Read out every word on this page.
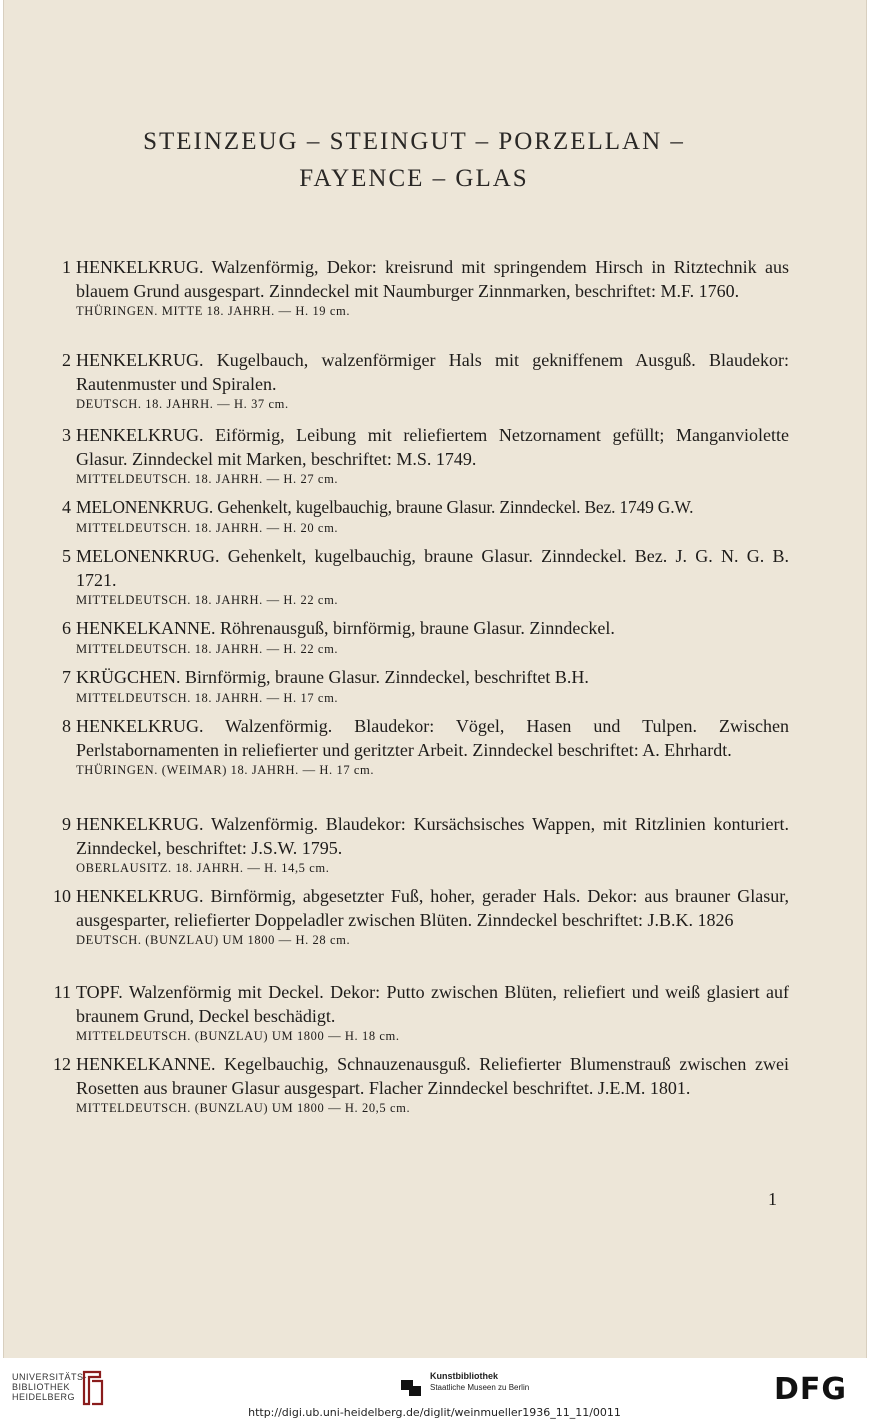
STEINZEUG – STEINGUT – PORZELLAN –
FAYENCE – GLAS
1 HENKELKRUG. Walzenförmig, Dekor: kreisrund mit springendem Hirsch in Ritztechnik aus blauem Grund ausgespart. Zinndeckel mit Naumburger Zinnmarken, beschriftet: M.F. 1760.
THÜRINGEN. MITTE 18. JAHRH. — H. 19 cm.
2 HENKELKRUG. Kugelbauch, walzenförmiger Hals mit gekniffenem Ausguß. Blaudekor: Rautenmuster und Spiralen.
DEUTSCH. 18. JAHRH. — H. 37 cm.
3 HENKELKRUG. Eiförmig, Leibung mit reliefiertem Netzornament gefüllt; Manganviolette Glasur. Zinndeckel mit Marken, beschriftet: M.S. 1749.
MITTELDEUTSCH. 18. JAHRH. — H. 27 cm.
4 MELONENKRUG. Gehenkelt, kugelbauchig, braune Glasur. Zinndeckel. Bez. 1749 G.W.
MITTELDEUTSCH. 18. JAHRH. — H. 20 cm.
5 MELONENKRUG. Gehenkelt, kugelbauchig, braune Glasur. Zinndeckel. Bez. J. G. N. G. B. 1721.
MITTELDEUTSCH. 18. JAHRH. — H. 22 cm.
6 HENKELKANNE. Röhrenausguß, birnförmig, braune Glasur. Zinndeckel.
MITTELDEUTSCH. 18. JAHRH. — H. 22 cm.
7 KRÜGCHEN. Birnförmig, braune Glasur. Zinndeckel, beschriftet B.H.
MITTELDEUTSCH. 18. JAHRH. — H. 17 cm.
8 HENKELKRUG. Walzenförmig. Blaudekor: Vögel, Hasen und Tulpen. Zwischen Perlstabornamenten in reliefierter und geritzter Arbeit. Zinndeckel beschriftet: A. Ehrhardt.
THÜRINGEN. (WEIMAR) 18. JAHRH. — H. 17 cm.
9 HENKELKRUG. Walzenförmig. Blaudekor: Kursächsisches Wappen, mit Ritzlinien konturiert. Zinndeckel, beschriftet: J.S.W. 1795.
OBERLAUSITZ. 18. JAHRH. — H. 14,5 cm.
10 HENKELKRUG. Birnförmig, abgesetzter Fuß, hoher, gerader Hals. Dekor: aus brauner Glasur, ausgesparter, reliefierter Doppeladler zwischen Blüten. Zinndeckel beschriftet: J.B.K. 1826
DEUTSCH. (BUNZLAU) UM 1800 — H. 28 cm.
11 TOPF. Walzenförmig mit Deckel. Dekor: Putto zwischen Blüten, reliefiert und weiß glasiert auf braunem Grund, Deckel beschädigt.
MITTELDEUTSCH. (BUNZLAU) UM 1800 — H. 18 cm.
12 HENKELKANNE. Kegelbauchig, Schnauzenausguß. Reliefierter Blumenstrauß zwischen zwei Rosetten aus brauner Glasur ausgespart. Flacher Zinndeckel beschriftet. J.E.M. 1801.
MITTELDEUTSCH. (BUNZLAU) UM 1800 — H. 20,5 cm.
1
UNIVERSITÄTS-
BIBLIOTHEK
HEIDELBERG
Kunstbibliothek
Staatliche Museen zu Berlin	DFG
http://digi.ub.uni-heidelberg.de/diglit/weinmueller1936_11_11/0011
